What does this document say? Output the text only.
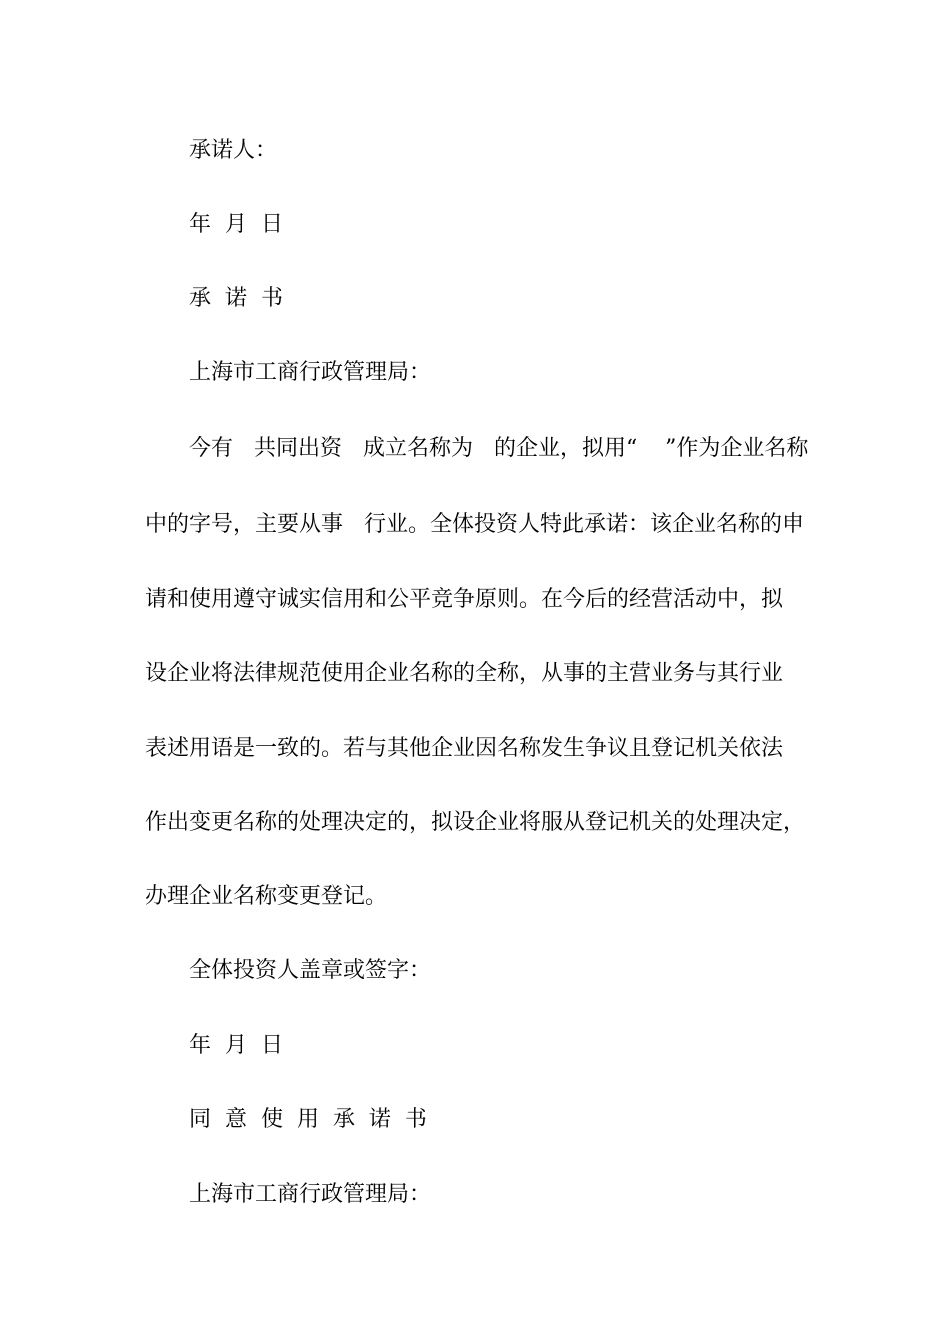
承诺人：

年  月  日

承  诺  书

上海市工商行政管理局：

今有   共同出资   成立名称为   的企业，拟用“    ”作为企业名称

中的字号，主要从事   行业。全体投资人特此承诺：该企业名称的申

请和使用遵守诚实信用和公平竞争原则。在今后的经营活动中，拟

设企业将法律规范使用企业名称的全称，从事的主营业务与其行业

表述用语是一致的。若与其他企业因名称发生争议且登记机关依法

作出变更名称的处理决定的，拟设企业将服从登记机关的处理决定，

办理企业名称变更登记。

全体投资人盖章或签字：

年  月  日

同  意  使  用  承  诺  书

上海市工商行政管理局：
